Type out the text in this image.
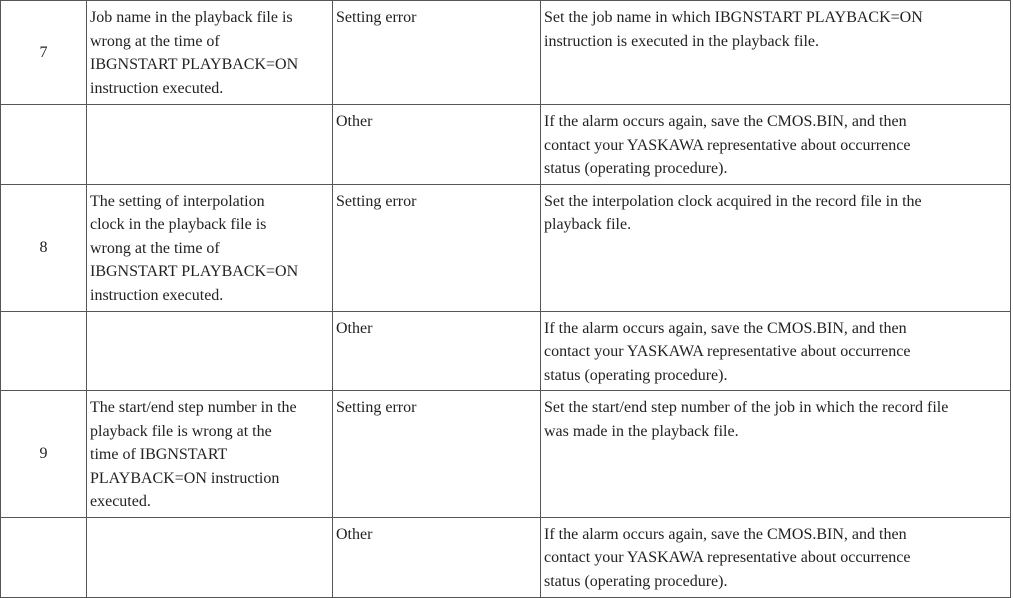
7	Job name in the playback file is
wrong at the time of
IBGNSTART PLAYBACK=ON
instruction executed.	Setting error	Set the job name in which IBGNSTART PLAYBACK=ON
instruction is executed in the playback file.
		Other	If the alarm occurs again, save the CMOS.BIN, and then
contact your YASKAWA representative about occurrence
status (operating procedure).
8	The setting of interpolation
clock in the playback file is
wrong at the time of
IBGNSTART PLAYBACK=ON
instruction executed.	Setting error	Set the interpolation clock acquired in the record file in the
playback file.
		Other	If the alarm occurs again, save the CMOS.BIN, and then
contact your YASKAWA representative about occurrence
status (operating procedure).
9	The start/end step number in the
playback file is wrong at the
time of IBGNSTART
PLAYBACK=ON instruction
executed.	Setting error	Set the start/end step number of the job in which the record file
was made in the playback file.
		Other	If the alarm occurs again, save the CMOS.BIN, and then
contact your YASKAWA representative about occurrence
status (operating procedure).
